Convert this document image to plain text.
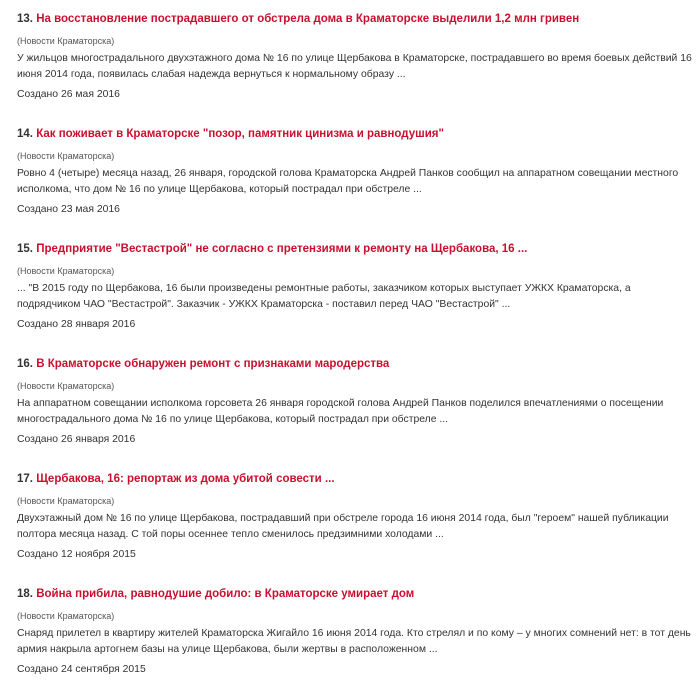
13. На восстановление пострадавшего от обстрела дома в Краматорске выделили 1,2 млн гривен
(Новости Краматорска)
У жильцов многострадального двухэтажного дома № 16 по улице Щербакова в Краматорске, пострадавшего во время боевых действий 16 июня 2014 года, появилась слабая надежда вернуться к нормальному образу ...
Создано 26 мая 2016
14. Как поживает в Краматорске "позор, памятник цинизма и равнодушия"
(Новости Краматорска)
Ровно 4 (четыре) месяца назад, 26 января, городской голова Краматорска Андрей Панков сообщил на аппаратном совещании местного исполкома, что дом № 16 по улице Щербакова, который пострадал при обстреле ...
Создано 23 мая 2016
15. Предприятие "Вестастрой" не согласно с претензиями к ремонту на Щербакова, 16 ...
(Новости Краматорска)
... "В 2015 году по Щербакова, 16 были произведены ремонтные работы, заказчиком которых выступает УЖКХ Краматорска, а подрядчиком ЧАО "Вестастрой". Заказчик - УЖКХ Краматорска - поставил перед ЧАО "Вестастрой" ...
Создано 28 января 2016
16. В Краматорске обнаружен ремонт с признаками мародерства
(Новости Краматорска)
На аппаратном совещании исполкома горсовета 26 января городской голова Андрей Панков поделился впечатлениями о посещении многострадального дома № 16 по улице Щербакова, который пострадал при обстреле ...
Создано 26 января 2016
17. Щербакова, 16: репортаж из дома убитой совести ...
(Новости Краматорска)
Двухэтажный дом № 16 по улице Щербакова, пострадавший при обстреле города 16 июня 2014 года, был "героем" нашей публикации полтора месяца назад. С той поры осеннее тепло сменилось предзимними холодами ...
Создано 12 ноября 2015
18. Война прибила, равнодушие добило: в Краматорске умирает дом
(Новости Краматорска)
Снаряд прилетел в квартиру жителей Краматорска Жигайло 16 июня 2014 года. Кто стрелял и по кому – у многих сомнений нет: в тот день армия накрыла артогнем базы на улице Щербакова, были жертвы в расположенном ...
Создано 24 сентября 2015
